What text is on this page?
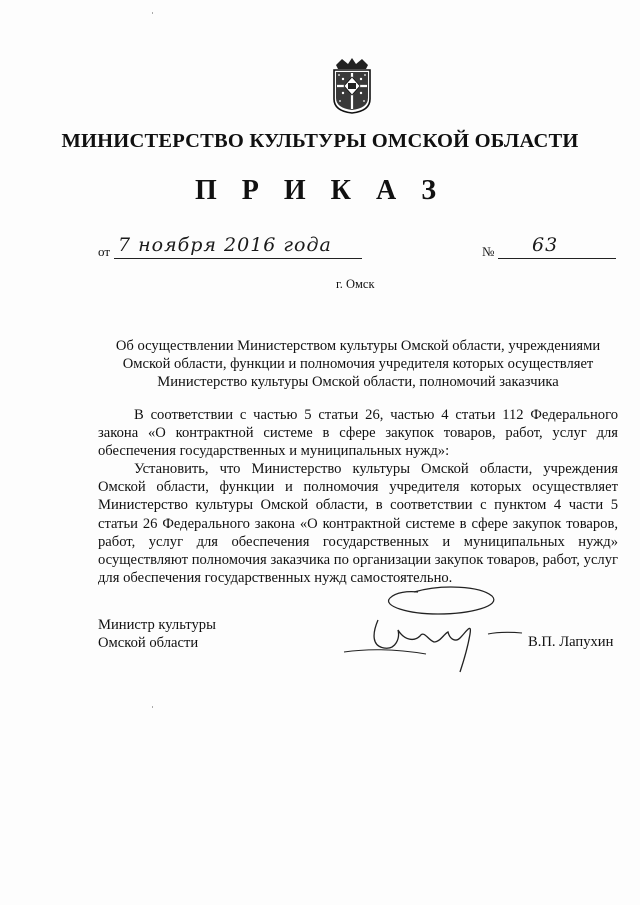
МИНИСТЕРСТВО КУЛЬТУРЫ ОМСКОЙ ОБЛАСТИ
П Р И К А З
от 7 ноября 2016 года	№ 63
г. Омск
Об осуществлении Министерством культуры Омской области, учреждениями Омской области, функции и полномочия учредителя которых осуществляет Министерство культуры Омской области, полномочий заказчика

В соответствии с частью 5 статьи 26, частью 4 статьи 112 Федерального закона «О контрактной системе в сфере закупок товаров, работ, услуг для обеспечения государственных и муниципальных нужд»:

Установить, что Министерство культуры Омской области, учреждения Омской области, функции и полномочия учредителя которых осуществляет Министерство культуры Омской области, в соответствии с пунктом 4 части 5 статьи 26 Федерального закона «О контрактной системе в сфере закупок товаров, работ, услуг для обеспечения государственных и муниципальных нужд» осуществляют полномочия заказчика по организации закупок товаров, работ, услуг для обеспечения государственных нужд самостоятельно.

Министр культуры
Омской области	В.П. Лапухин
